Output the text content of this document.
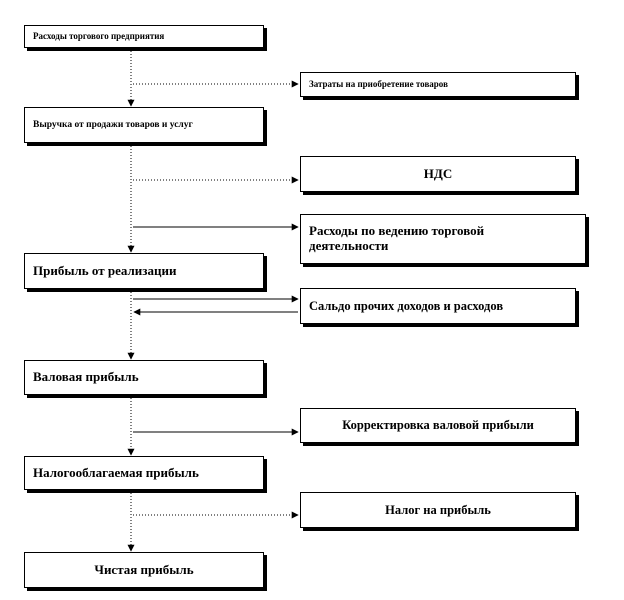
Расходы торгового предприятия
Выручка от продажи товаров и услуг
Прибыль от реализации
Валовая прибыль
Налогооблагаемая прибыль
Чистая прибыль
Затраты на приобретение товаров
НДС
Расходы по ведению торговой деятельности
Сальдо прочих доходов и расходов
Корректировка валовой прибыли
Налог на прибыль
